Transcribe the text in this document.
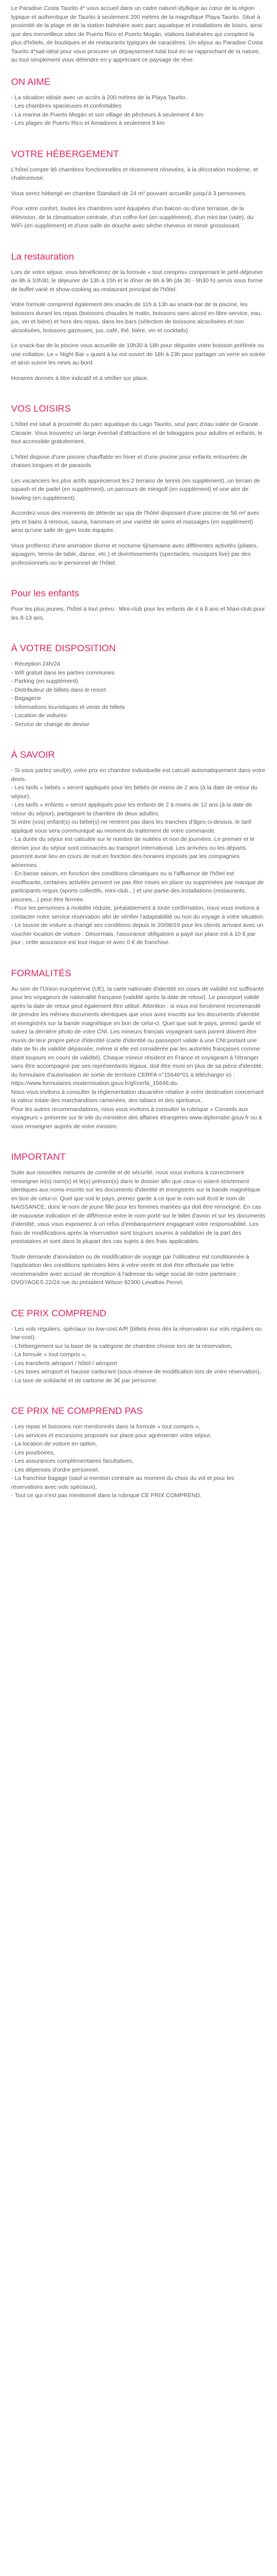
Le Paradise Costa Taurito 4* vous accueil dans un cadre naturel idyllique au cœur de la région typique et authentique de Taurito à seulement 200 mètres de la magnifique Playa Taurito. Situé à proximité de la plage et de la station balnéaire avec parc aquatique et installations de loisirs, ainsi que des merveilleux sites de Puerto Rico et Puerto Mogán, stations balnéaires qui comptent la plus d'hôtels, de boutiques et de restaurants typiques de caractères. Un séjour au Paradise Costa Taurito 4*sait idéal pour vous procurer un dépaysement total tout en se rapprochant de la nature, au tout simplement vous détendre en y appréciant ce paysage de rêve.

ON AIME
- La situation idéale avec un accès à 200 mètres de la Playa Taurito.
- Les chambres spacieuses et confortables
- La marina de Puerto Mogán et son village de pêcheurs à seulement 4 km
- Les plages de Puerto Rico et Amadores à seulement 9 km
VOTRE HÉBERGEMENT

L'hôtel compte 96 chambres fonctionnelles et récemment rénovées, à la décoration moderne, et chaleureuse.

Vous serez hébergé en chambre Standard de 24 m² pouvant accueillir jusqu'à 3 personnes.

Pour votre confort, toutes les chambres sont équipées d'un balcon ou d'une terrasse, de la télévision, de la climatisation centrale, d'un coffre-fort (en supplément), d'un mini bar (vide), du WiFi (en supplément) et d'une salle de douche avec sèche-cheveux et miroir grossissant.

La restauration

Lors de votre séjour, vous bénéficierez de la formule « tout compris» comprenant le petit-déjeuner de 8h à 10h30, le déjeuner de 13h à 15h et le dîner de 6h à 9h (de 30 - 9h30 h) servis sous forme de buffet varié et show-cooking au restaurant principal de l'hôtel.

Votre formule comprend également des snacks de 11h à 13h au snack-bar de la piscine, les boissons durant les repas (boissons chaudes le matin, boissons sans alcool en libre-service, eau, jus, vin et bière) et hors des repas, dans les bars (sélection de boissons alcoolisées et non alcoolisées, boissons gazeuses, jus, café, thé, bière, vin et cocktails).

Le snack-bar de la piscine vous accueille de 10h30 à 18h pour déguster votre boisson préférée ou une collation. Le « Night Bar » quant à lui est ouvert de 18h à 23h pour partager un verre en soirée et ainsi suivre les news au bord.

Horaires donnés à titre indicatif et à vérifier sur place.

VOS LOISIRS

L'hôtel est situé à proximité du parc aquatique du Lago Taurito, seul parc d'eau salée de Grande Canarie. Vous trouverez un large éventail d'attractions et de toboggans pour adultes et enfants, le tout accessible gratuitement.

L'hôtel dispose d'une piscine chauffable en hiver et d'une piscine pour enfants entourées de chaises longues et de parasols.

Les vacanciers les plus actifs apprécieront les 2 terrains de tennis (en supplément), un terrain de squash et de padel (en supplément), un parcours de minigolf (en supplément) et une aire de bowling (en supplément).

Accordez-vous des moments de détente au spa de l'hôtel disposant d'une piscine de 56 m² avec jets et bains à remous, sauna, hammam et une variété de soins et massages (en supplément) ainsi qu'une salle de gym toute équipée.

Vous profiterez d'une animation diurne et nocturne 6j/semaine avec différentes activités (pilates, aquagym, tennis de table, danse, etc.) et divertissements (spectacles, musiques live) par des professionnels ou le personnel de l'hôtel.

Pour les enfants

Pour les plus jeunes, l'hôtel à tout prévu : Mini-club pour les enfants de 4 à 8 ans et Maxi-club pour les 8-13 ans.

À VOTRE DISPOSITION
- Réception 24h/24
- Wifi gratuit dans les parties communes
- Parking (en supplément)
- Distributeur de billets dans le resort
- Bagagerie
- Informations touristiques et vente de billets
- Location de voitures
- Service de change de devise
À SAVOIR

- Si vous partez seul(e), votre prix en chambre individuelle est calculé automatiquement dans votre devis.
- Les tarifs « bébés » seront appliqués pour les bébés de moins de 2 ans (à la date de retour du séjour).
- Les tarifs « enfants » seront appliqués pour les enfants de 2 à moins de 12 ans (à la date de retour du séjour), partageant la chambre de deux adultes.
Si votre (vos) enfant(s) ou bébé(s) ne rentrent pas dans les tranches d'âges ci-dessus, le tarif appliqué vous sera communiqué au moment du traitement de votre commande.
- La durée du séjour est calculée sur le nombre de nuitées et non de journées. Le premier et le dernier jour du séjour sont consacrés au transport international. Les arrivées ou les départs pourront avoir lieu en cours de nuit en fonction des horaires imposés par les compagnies aériennes.
- En basse saison, en fonction des conditions climatiques ou si l'affluence de l'hôtel est insuffisante, certaines activités peuvent ne pas être mises en place ou supprimées par manque de participants requis (sports collectifs, mini-club...) et une partie des installations (restaurants, piscines...) peut être fermée.
- Pour les personnes à mobilité réduite, préalablement à toute confirmation, nous vous invitons à contacter notre service réservation afin de vérifier l'adaptabilité ou non du voyage à votre situation. - Le lousse de voiture a changé ses conditions depuis le 20/08/19 pour les clients arrivant avec un voucher location de voiture : Désormais, l'assurance obligatoire a payé sur place est à 10 € par jour ; cette assurance est tout risque et avec 0 € de franchise.

FORMALITÉS

Au sein de l'Union européenne (UE), la carte nationale d'identité en cours de validité est suffisante pour les voyageurs de nationalité française (validité après la date de retour). Le passeport validé après la date de retour peut également être utilisé. Attention : si vous est forcément recommandé de prendre les mêmes documents identiques que vous avez inscrits sur les documents d'identité et enregistrés sur la bande magnétique en bon de celui-ci. Quel que soit le pays, prenez garde et suivez la dernière photo de votre CNI. Les mineurs français voyageant sans parent doivent être munis de leur propre pièce d'identité (carte d'identité ou passeport valide à une CNI portant une date de fin de validité dépassée, même si elle est considérée par les autorités françaises comme étant toujours en cours de validité). Chaque mineur résident en France et voyageant à l'étranger sans être accompagné par ses représentants légaux, doit être muni en plus de sa pièce d'identité, du formulaire d'autorisation de sortie de territoire CERFA n°15646*01 à télécharger ici :
https://www.formulaires.modernisation.gouv.fr/gf/cerfa_15646.do.
Nous vous invitons à consulter la réglementation douanière relative à votre destination concernant la valeur totale des marchandises ramenées, des tabacs et des spiritueux.
Pour les autres recommandations, nous vous invitons à consulter la rubrique « Conseils aux voyageurs » présente sur le site du ministère des affaires étrangères www.diplomatie.gouv.fr ou à vous renseigner auprès de votre ministre.

IMPORTANT

Suite aux nouvelles mesures de contrôle et de sécurité, nous vous invitons à correctement renseigner le(s) nom(s) et le(s) prénom(s) dans le dossier afin que ceux-ci soient strictement identiques aux noms inscrits sur les documents d'identité et enregistrés sur la bande magnétique en bon de celui-ci. Quel que soit le pays, prenez garde à ce que le nom soit écrit le nom de NAISSANCE, donc le nom de jeune fille pour les femmes mariées qui doit être renseigné. En cas de mauvaise indication et de différence entre le nom porté sur le billet d'avion et sur les documents d'identité, vous vous exposerez à un refus d'embarquement engageant votre responsabilité. Les frais de modifications après la réservation sont toujours soumis à validation de la part des prestataires et sont dans la plupart des cas sujets à des frais applicables.

Toute demande d'annulation ou de modification de voyage par l'utilisateur est conditionnée à l'application des conditions spéciales liées à votre vente et doit être effectuée par lettre recommandée avec accusé de réception à l'adresse du siège social de notre partenaire : OVOYAGES 22/24 rue du président Wilson 92300 Levallois Perret.

CE PRIX COMPREND
- Les vols réguliers, spéciaux ou low-cost A/R (billets émis dès la réservation sur vols réguliers ou low-cost).
- L'hébergement sur la base de la catégorie de chambre choisie lors de la réservation,
- La formule « tout compris »,
- Les transferts aéroport / hôtel / aéroport
- Les taxes aéroport et hausse carburant (sous réserve de modification lors de votre réservation),
- La taxe de solidarité et de carbone de 3€ par personne.
CE PRIX NE COMPREND PAS
- Les repas et boissons non mentionnés dans la formule « tout compris »,
- Les services et excursions proposés sur place pour agrémenter votre séjour,
- La location de voiture en option,
- Les pourboires,
- Les assurances complémentaires facultatives,
- Les dépenses d'ordre personnel,
- La franchise bagage (sauf si mention contraire au moment du choix du vol et pour les réservations avec vols spéciaux),
- Tout ce qui n'est pas mentionné dans la rubrique CE PRIX COMPREND.
